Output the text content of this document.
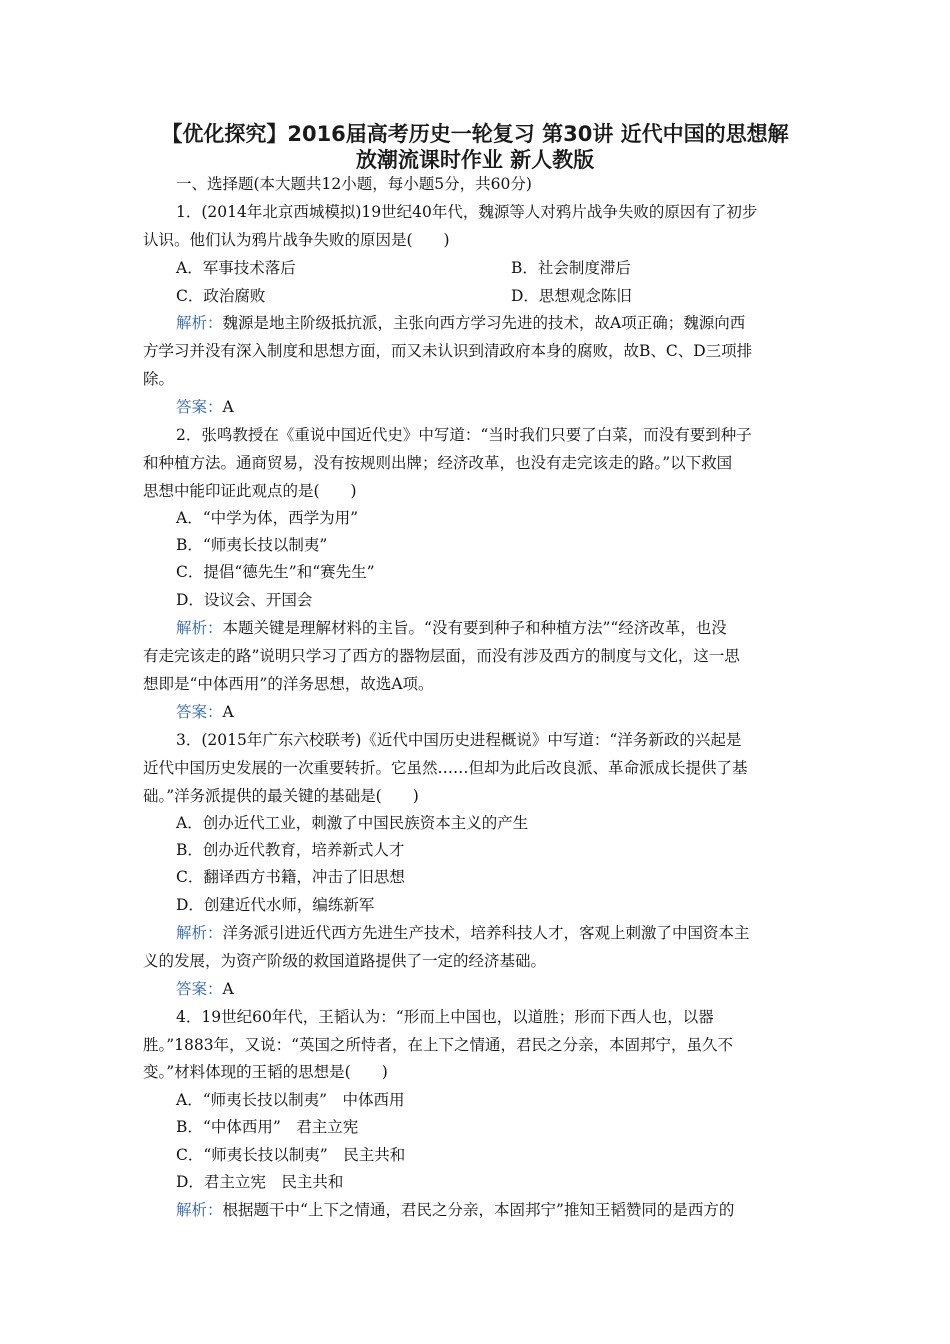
【优化探究】2016届高考历史一轮复习 第30讲 近代中国的思想解
放潮流课时作业 新人教版
一、选择题(本大题共12小题，每小题5分，共60分)
1．(2014年北京西城模拟)19世纪40年代，魏源等人对鸦片战争失败的原因有了初步
认识。他们认为鸦片战争失败的原因是(　　)
A．军事技术落后	B．社会制度滞后
C．政治腐败	D．思想观念陈旧
解析：魏源是地主阶级抵抗派，主张向西方学习先进的技术，故A项正确；魏源向西
方学习并没有深入制度和思想方面，而又未认识到清政府本身的腐败，故B、C、D三项排
除。
答案：A
2．张鸣教授在《重说中国近代史》中写道：“当时我们只要了白菜，而没有要到种子
和种植方法。通商贸易，没有按规则出牌；经济改革，也没有走完该走的路。”以下救国
思想中能印证此观点的是(　　)
A．“中学为体，西学为用”
B．“师夷长技以制夷”
C．提倡“德先生”和“赛先生”
D．设议会、开国会
解析：本题关键是理解材料的主旨。“没有要到种子和种植方法”“经济改革，也没
有走完该走的路”说明只学习了西方的器物层面，而没有涉及西方的制度与文化，这一思
想即是“中体西用”的洋务思想，故选A项。
答案：A
3．(2015年广东六校联考)《近代中国历史进程概说》中写道：“洋务新政的兴起是
近代中国历史发展的一次重要转折。它虽然……但却为此后改良派、革命派成长提供了基
础。”洋务派提供的最关键的基础是(　　)
A．创办近代工业，刺激了中国民族资本主义的产生
B．创办近代教育，培养新式人才
C．翻译西方书籍，冲击了旧思想
D．创建近代水师，编练新军
解析：洋务派引进近代西方先进生产技术，培养科技人才，客观上刺激了中国资本主
义的发展，为资产阶级的救国道路提供了一定的经济基础。
答案：A
4．19世纪60年代，王韬认为：“形而上中国也，以道胜；形而下西人也，以器
胜。”1883年，又说：“英国之所恃者，在上下之情通，君民之分亲，本固邦宁，虽久不
变。”材料体现的王韬的思想是(　　)
A．“师夷长技以制夷”　中体西用
B．“中体西用”　君主立宪
C．“师夷长技以制夷”　民主共和
D．君主立宪　民主共和
解析：根据题干中“上下之情通，君民之分亲，本固邦宁”推知王韬赞同的是西方的
